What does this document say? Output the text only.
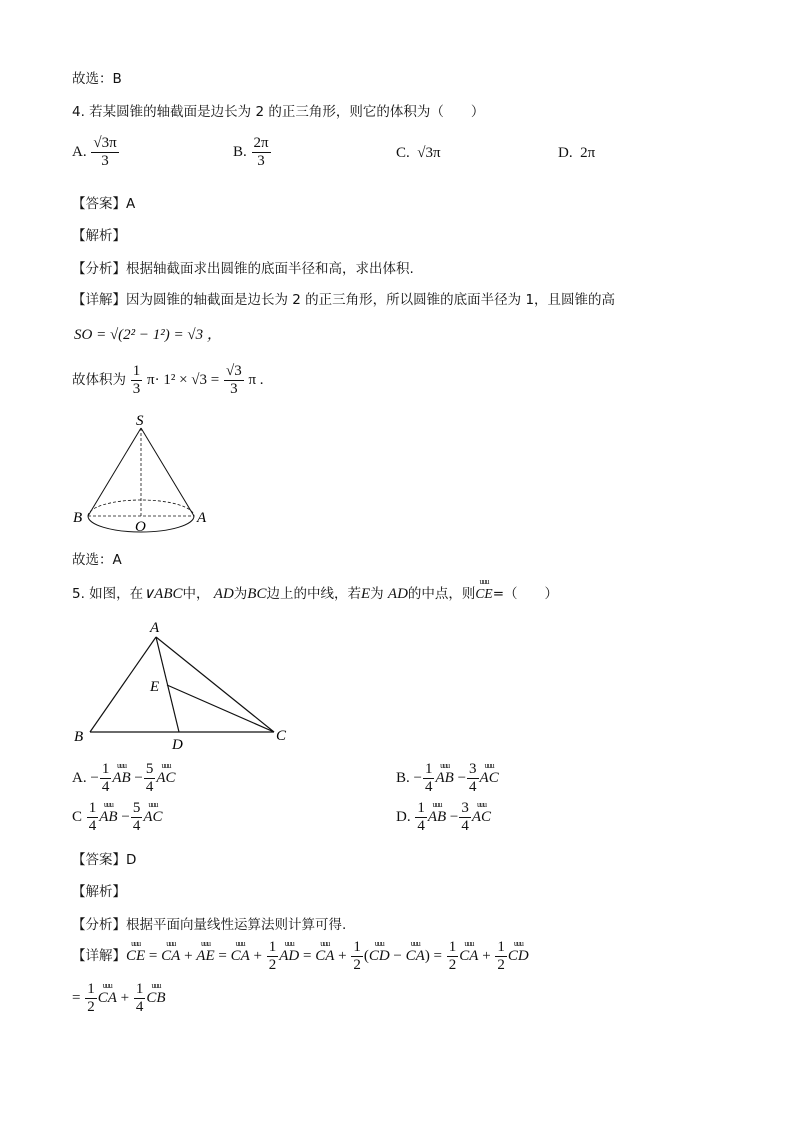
故选：B
4. 若某圆锥的轴截面是边长为 2 的正三角形，则它的体积为（　　）
A. $\frac{√3\pi}{3}$	B. $\frac{2\pi}{3}$	C. √3π	D. 2π
【答案】A
【解析】
【分析】根据轴截面求出圆锥的底面半径和高，求出体积.
【详解】因为圆锥的轴截面是边长为 2 的正三角形，所以圆锥的底面半径为 1，且圆锥的高
SO = √(2² − 1²) = √3 ，
故体积为 $\frac{1}{3} \pi\cdot 1^2 \times √3 = \frac{√3}{3}$ π .
S
B
O
A
故选：A
5. 如图，在∨ABC中， AD为BC边上的中线，若E为 AD的中点，则uuu CE=（　　）
A
E
B	D
C
A. − $\frac{1}{4}$ uuu AB − $\frac{5}{4}$ uuu AC	B. − $\frac{1}{4}$ uuu AB − $\frac{3}{4}$ uuu AC
C $\frac{1}{4}$ uuu AB − $\frac{5}{4}$ uuu AC	D. $\frac{1}{4}$ uuu AB − $\frac{3}{4}$ uuu AC
【答案】D
【解析】
【分析】根据平面向量线性运算法则计算可得.
【详解】uuu CE = uuu CA + uuu AE = uuu CA + $\frac{1}{2}$ uuu AD = uuu CA + $\frac{1}{2} (uuu$ CD − uuu $CA) = \frac{1}{2}$ uuu CA + $\frac{1}{2}$ uuu CD
= $\frac{1}{2}$ uuu CA + $\frac{1}{4}$ uuu CB
